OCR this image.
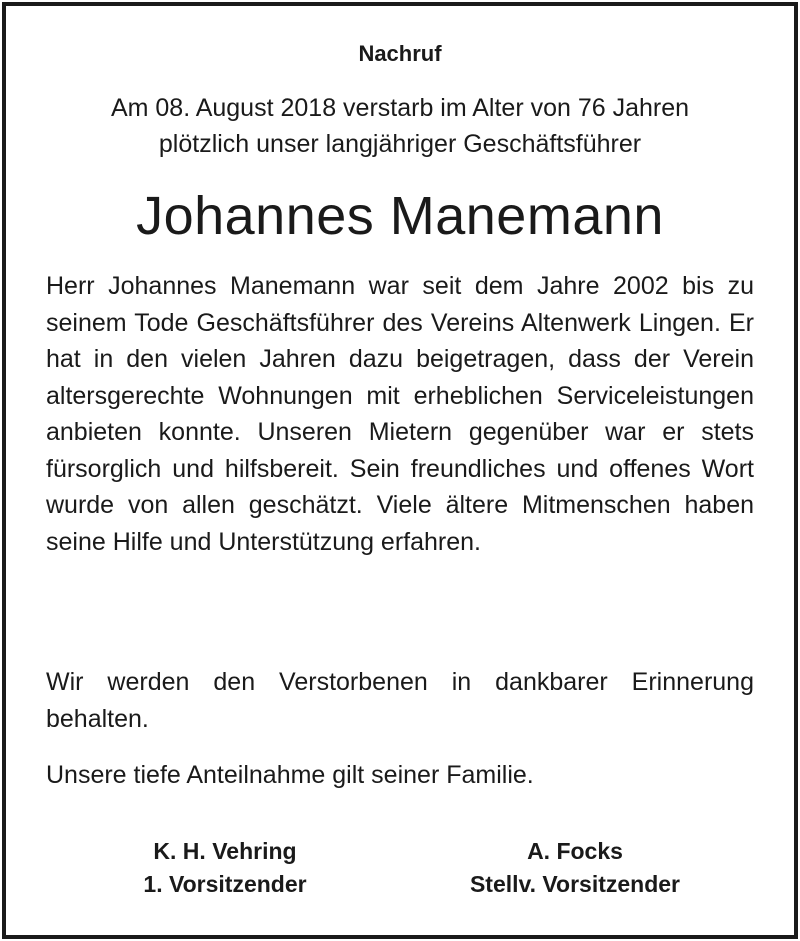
Nachruf
Am 08. August 2018 verstarb im Alter von 76 Jahren
plötzlich unser langjähriger Geschäftsführer
Johannes Manemann
Herr Johannes Manemann war seit dem Jahre 2002 bis zu seinem Tode Geschäftsführer des Vereins Altenwerk Lingen. Er hat in den vielen Jahren dazu beigetragen, dass der Verein altersgerechte Wohnungen mit erheblichen Serviceleistungen anbieten konnte. Unseren Mietern gegenüber war er stets fürsorglich und hilfsbereit. Sein freundliches und offenes Wort wurde von allen geschätzt. Viele ältere Mitmenschen haben seine Hilfe und Unterstützung erfahren.
Wir werden den Verstorbenen in dankbarer Erinnerung behalten.
Unsere tiefe Anteilnahme gilt seiner Familie.
K. H. Vehring
1. Vorsitzender
A. Focks
Stellv. Vorsitzender
